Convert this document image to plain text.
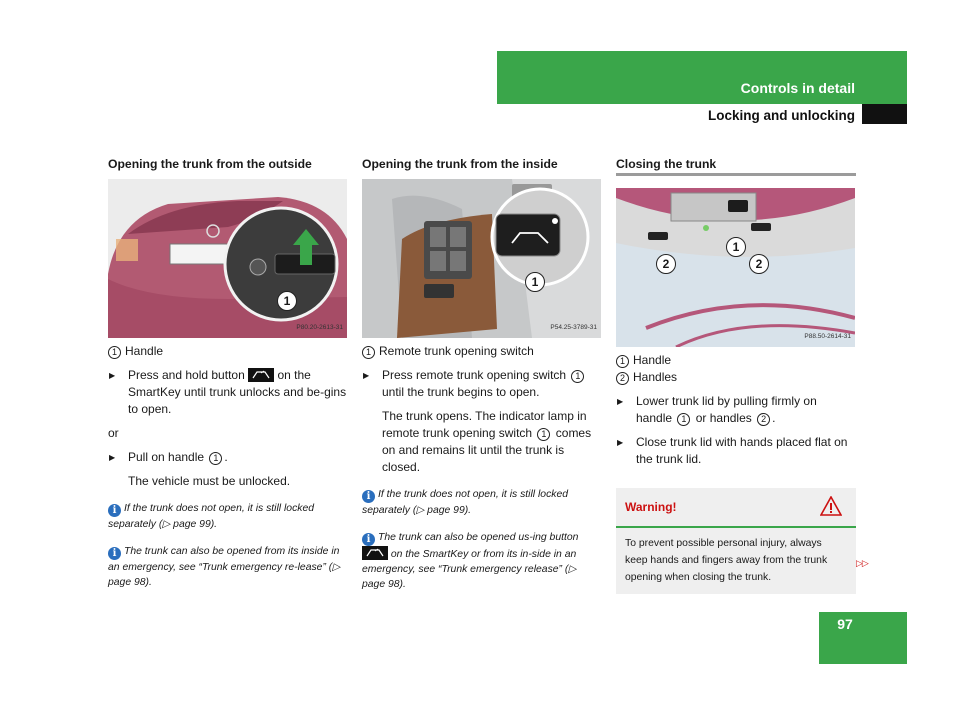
Controls in detail
Locking and unlocking
Opening the trunk from the outside
1
P80.20-2613-31
1 Handle
▶ Press and hold button	on the SmartKey until trunk unlocks and be-gins to open.
or
▶ Pull on handle 1 .
The vehicle must be unlocked.
i If the trunk does not open, it is still locked separately (▷ page 99).
i The trunk can also be opened from its inside in an emergency, see “Trunk emergency re-lease” (▷ page 98).
Opening the trunk from the inside
1
P54.25-3789-31
1 Remote trunk opening switch
▶ Press remote trunk opening switch 1 until the trunk begins to open.
The trunk opens. The indicator lamp in remote trunk opening switch 1 comes on and remains lit until the trunk is closed.
i If the trunk does not open, it is still locked separately (▷ page 99).
i The trunk can also be opened us-ing button
on the SmartKey or from its in-side in an emergency, see “Trunk emergency release” (▷ page 98).
Closing the trunk
1
2	2
P88.50-2614-31
1 Handle
2 Handles
▶ Lower trunk lid by pulling firmly on handle 1 or handles 2 .
▶ Close trunk lid with hands placed flat on the trunk lid.
Warning!
To prevent possible personal injury, always keep hands and fingers away from the trunk opening when closing the trunk.
▷▷
97
